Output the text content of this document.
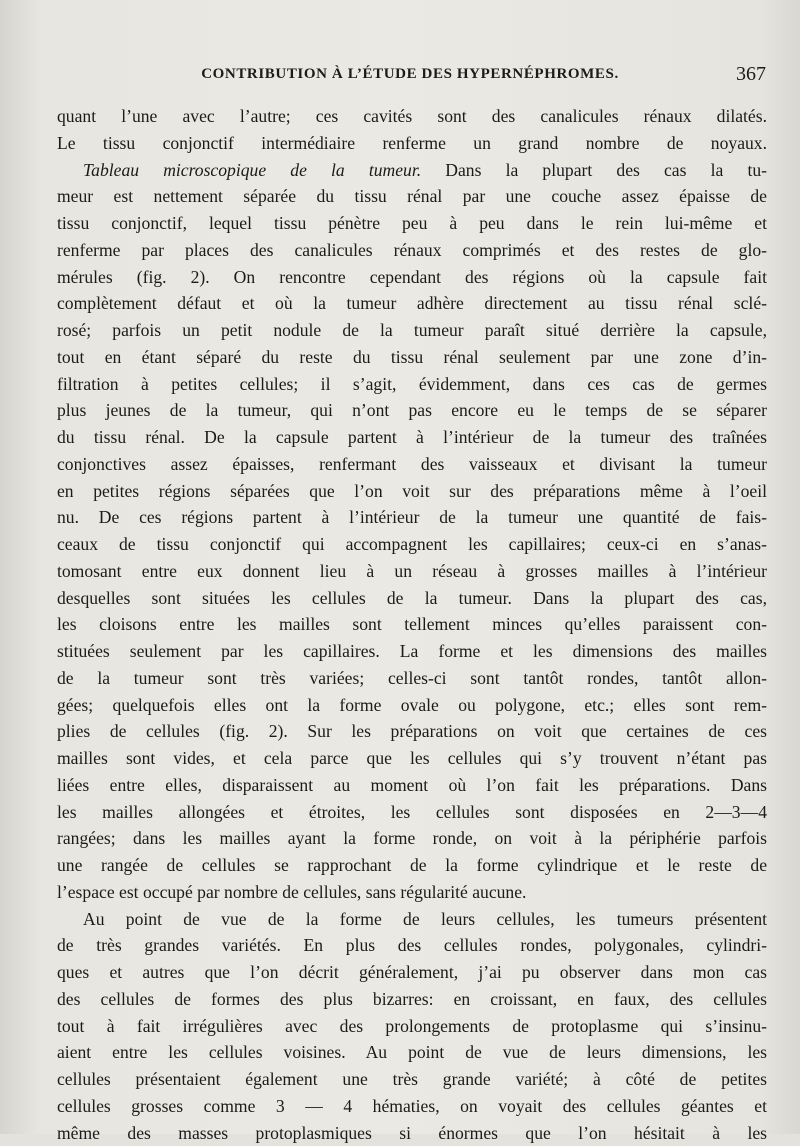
CONTRIBUTION À L’ÉTUDE DES HYPERNÉPHROMES.	367
quant l’une avec l’autre; ces cavités sont des canalicules rénaux dilatés.
Le tissu conjonctif intermédiaire renferme un grand nombre de noyaux.
Tableau microscopique de la tumeur. Dans la plupart des cas la tu-
meur est nettement séparée du tissu rénal par une couche assez épaisse de
tissu conjonctif, lequel tissu pénètre peu à peu dans le rein lui-même et
renferme par places des canalicules rénaux comprimés et des restes de glo-
mérules (fig. 2). On rencontre cependant des régions où la capsule fait
complètement défaut et où la tumeur adhère directement au tissu rénal sclé-
rosé; parfois un petit nodule de la tumeur paraît situé derrière la capsule,
tout en étant séparé du reste du tissu rénal seulement par une zone d’in-
filtration à petites cellules; il s’agit, évidemment, dans ces cas de germes
plus jeunes de la tumeur, qui n’ont pas encore eu le temps de se séparer
du tissu rénal. De la capsule partent à l’intérieur de la tumeur des traînées
conjonctives assez épaisses, renfermant des vaisseaux et divisant la tumeur
en petites régions séparées que l’on voit sur des préparations même à l’oeil
nu. De ces régions partent à l’intérieur de la tumeur une quantité de fais-
ceaux de tissu conjonctif qui accompagnent les capillaires; ceux-ci en s’anas-
tomosant entre eux donnent lieu à un réseau à grosses mailles à l’intérieur
desquelles sont situées les cellules de la tumeur. Dans la plupart des cas,
les cloisons entre les mailles sont tellement minces qu’elles paraissent con-
stituées seulement par les capillaires. La forme et les dimensions des mailles
de la tumeur sont très variées; celles-ci sont tantôt rondes, tantôt allon-
gées; quelquefois elles ont la forme ovale ou polygone, etc.; elles sont rem-
plies de cellules (fig. 2). Sur les préparations on voit que certaines de ces
mailles sont vides, et cela parce que les cellules qui s’y trouvent n’étant pas
liées entre elles, disparaissent au moment où l’on fait les préparations. Dans
les mailles allongées et étroites, les cellules sont disposées en 2—3—4
rangées; dans les mailles ayant la forme ronde, on voit à la périphérie parfois
une rangée de cellules se rapprochant de la forme cylindrique et le reste de
l’espace est occupé par nombre de cellules, sans régularité aucune.
Au point de vue de la forme de leurs cellules, les tumeurs présentent
de très grandes variétés. En plus des cellules rondes, polygonales, cylindri-
ques et autres que l’on décrit généralement, j’ai pu observer dans mon cas
des cellules de formes des plus bizarres: en croissant, en faux, des cellules
tout à fait irrégulières avec des prolongements de protoplasme qui s’insinu-
aient entre les cellules voisines. Au point de vue de leurs dimensions, les
cellules présentaient également une très grande variété; à côté de petites
cellules grosses comme 3 — 4 hématies, on voyait des cellules géantes et
même des masses protoplasmiques si énormes que l’on hésitait à les
